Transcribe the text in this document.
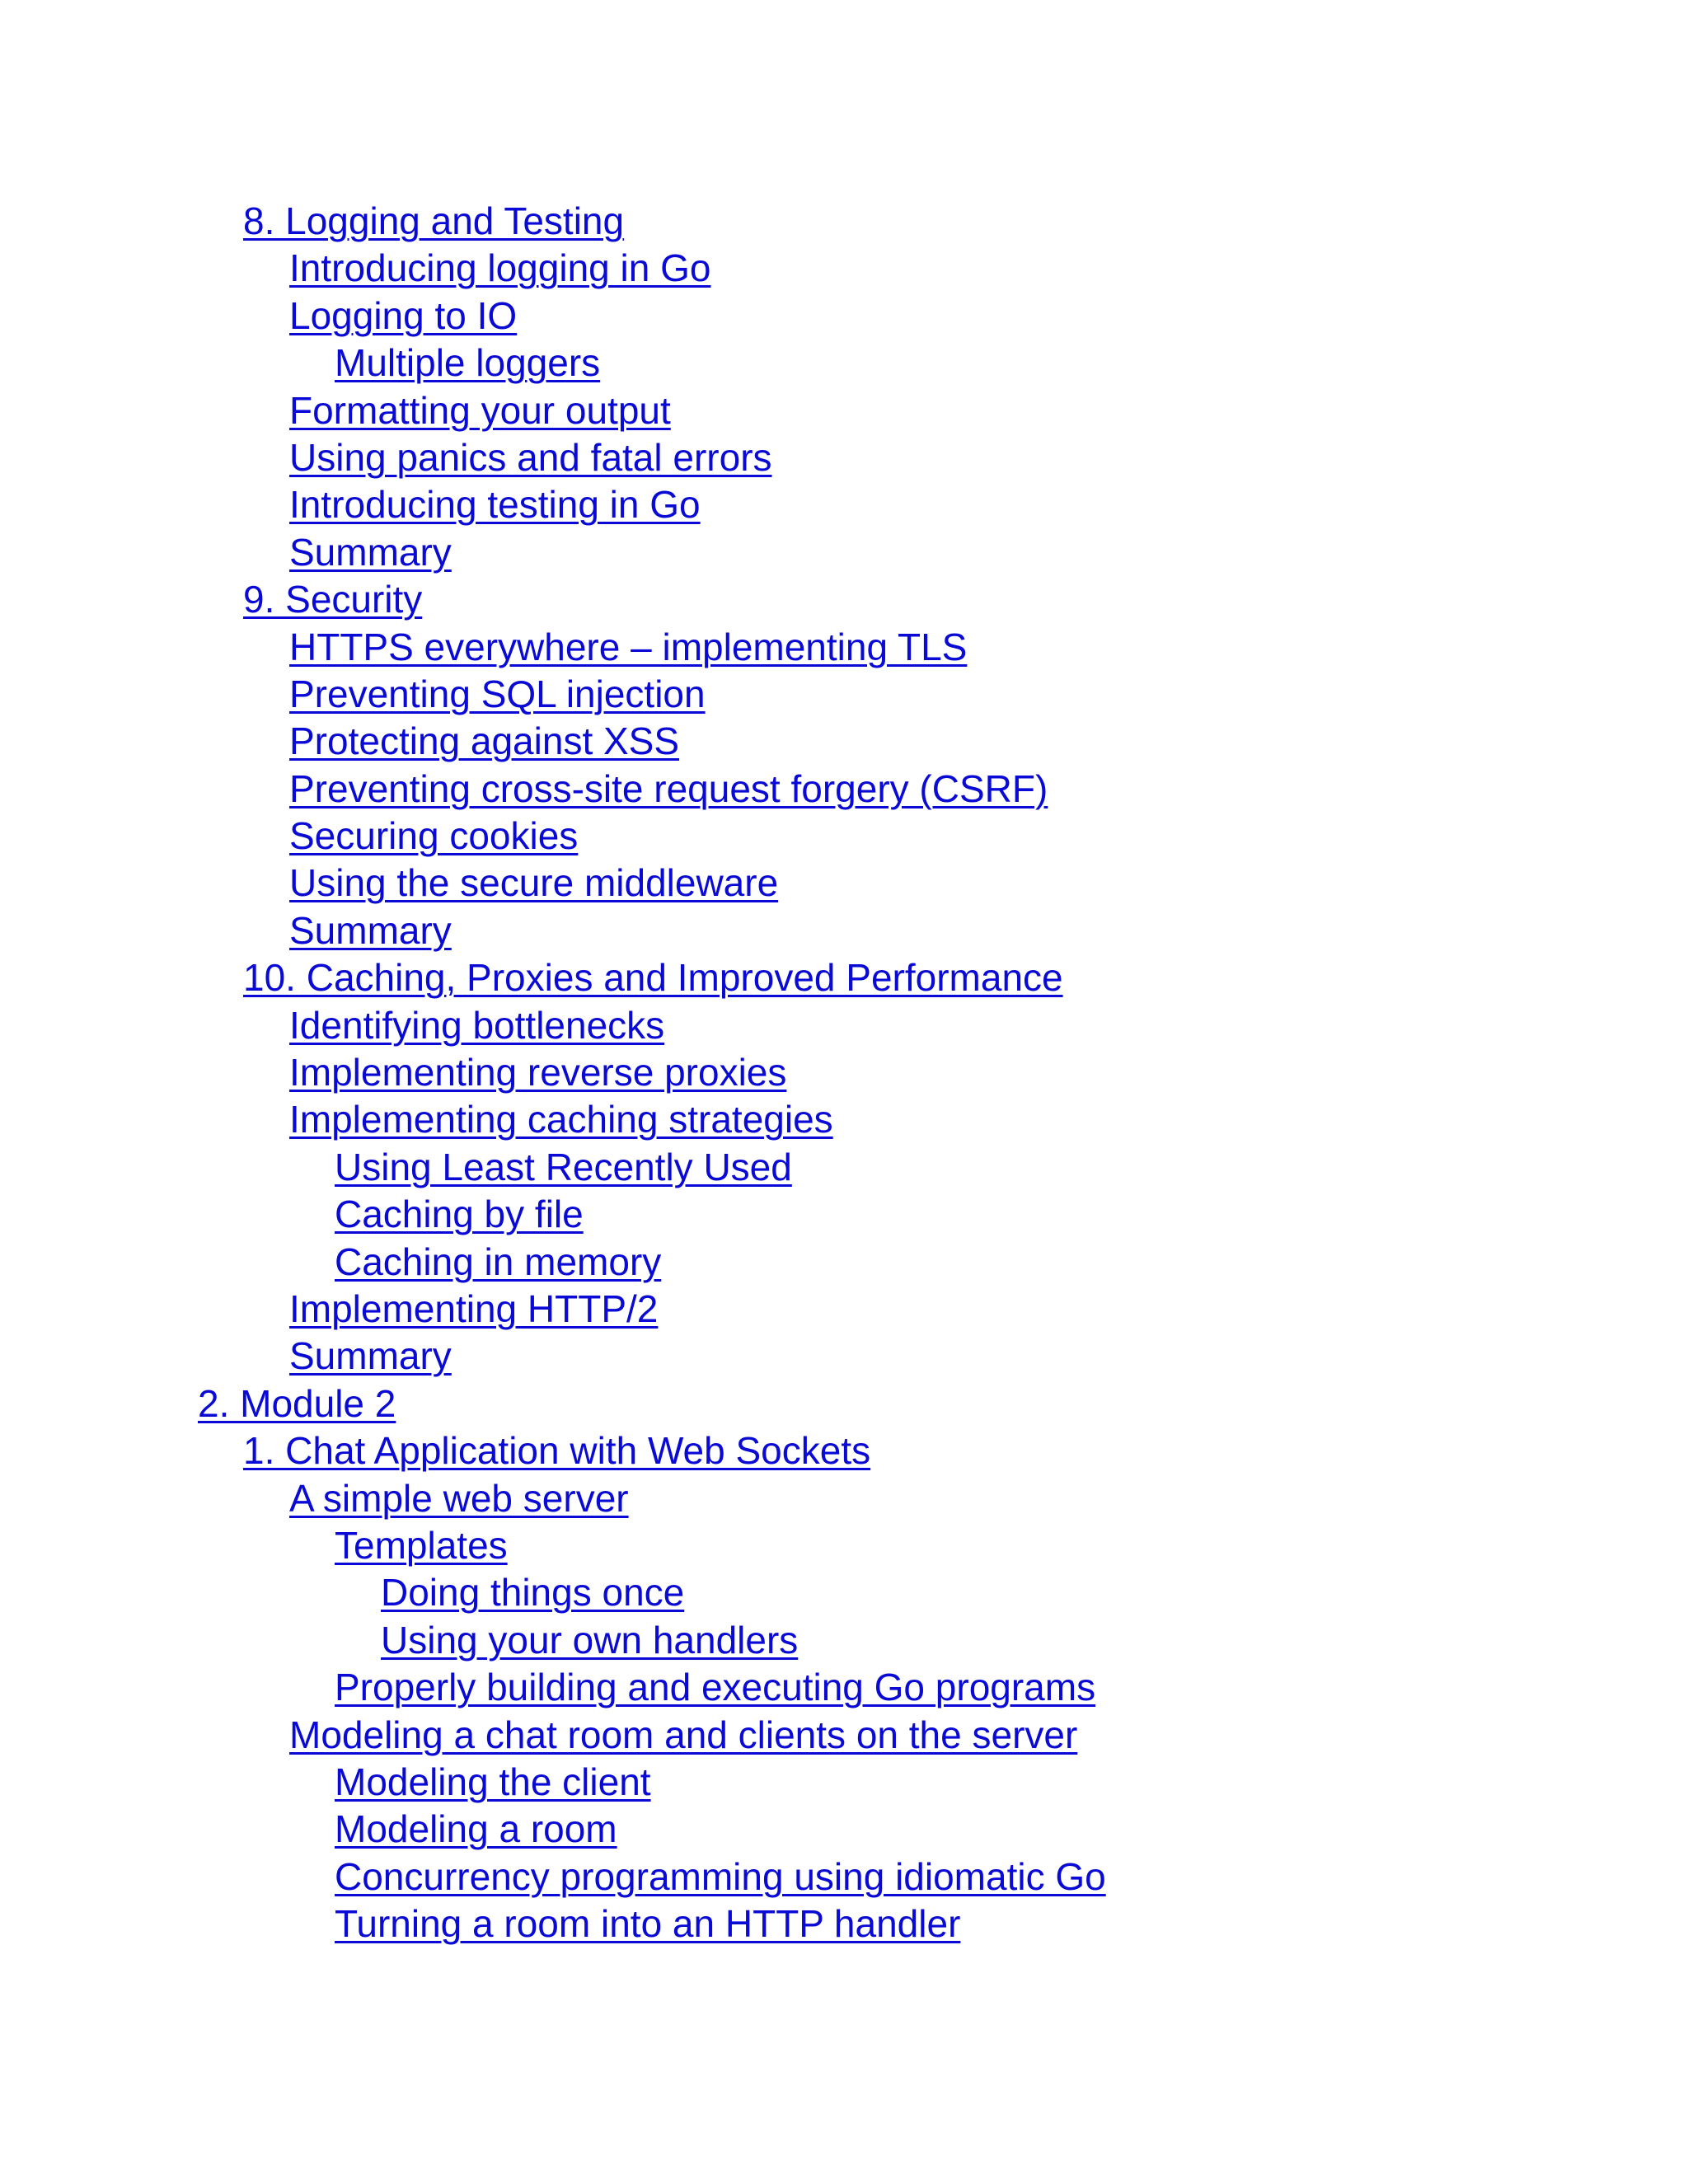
8. Logging and Testing
Introducing logging in Go
Logging to IO
Multiple loggers
Formatting your output
Using panics and fatal errors
Introducing testing in Go
Summary
9. Security
HTTPS everywhere – implementing TLS
Preventing SQL injection
Protecting against XSS
Preventing cross-site request forgery (CSRF)
Securing cookies
Using the secure middleware
Summary
10. Caching, Proxies and Improved Performance
Identifying bottlenecks
Implementing reverse proxies
Implementing caching strategies
Using Least Recently Used
Caching by file
Caching in memory
Implementing HTTP/2
Summary
2. Module 2
1. Chat Application with Web Sockets
A simple web server
Templates
Doing things once
Using your own handlers
Properly building and executing Go programs
Modeling a chat room and clients on the server
Modeling the client
Modeling a room
Concurrency programming using idiomatic Go
Turning a room into an HTTP handler
